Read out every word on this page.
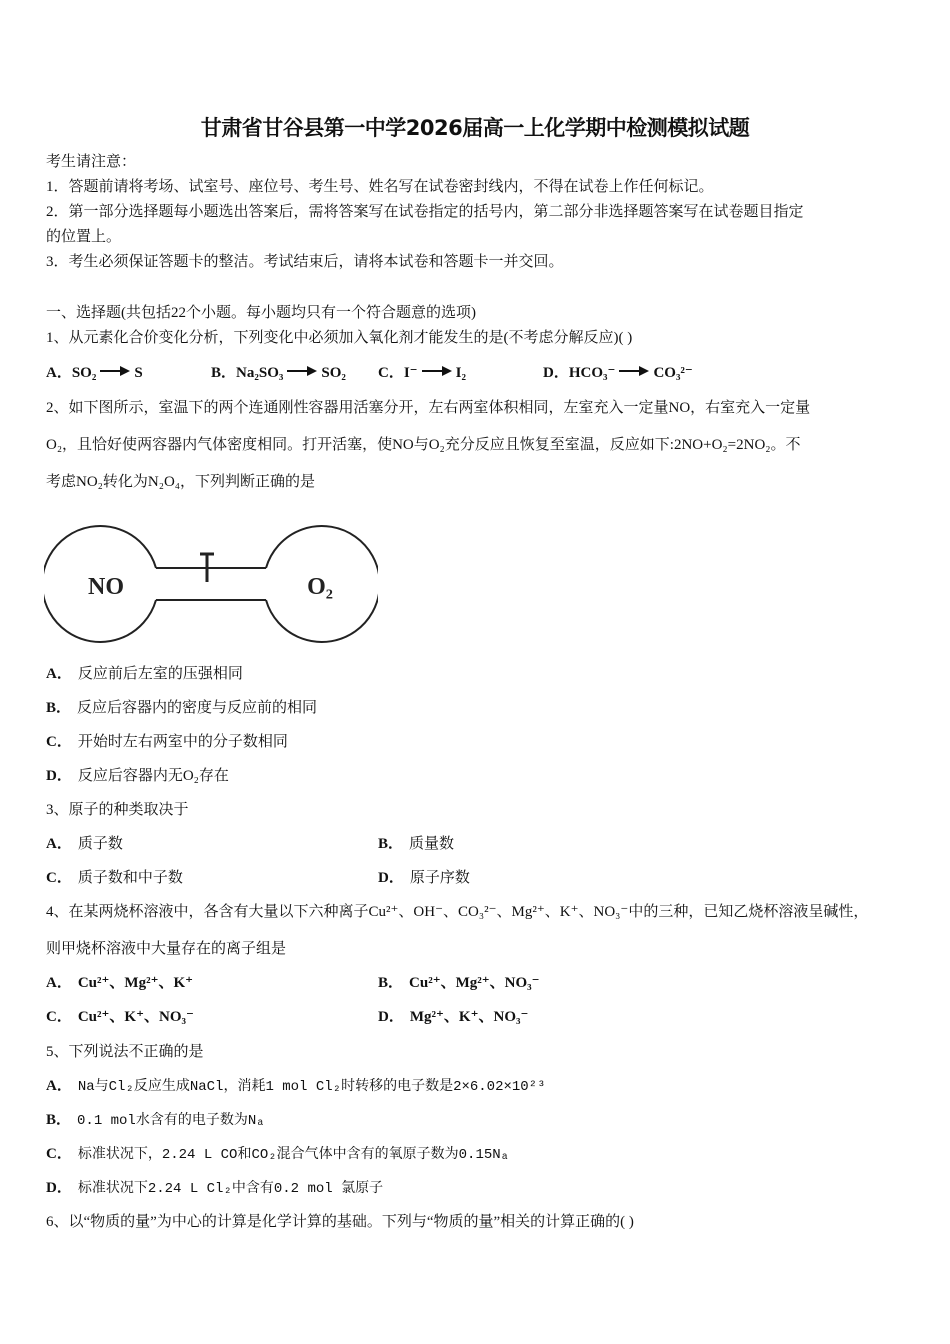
甘肃省甘谷县第一中学2026届高一上化学期中检测模拟试题
考生请注意：
1．答题前请将考场、试室号、座位号、考生号、姓名写在试卷密封线内，不得在试卷上作任何标记。
2．第一部分选择题每小题选出答案后，需将答案写在试卷指定的括号内，第二部分非选择题答案写在试卷题目指定
的位置上。
3．考生必须保证答题卡的整洁。考试结束后，请将本试卷和答题卡一并交回。
一、选择题(共包括22个小题。每小题均只有一个符合题意的选项)
1、从元素化合价变化分析，下列变化中必须加入氧化剂才能发生的是(不考虑分解反应)( )
A．SO₂ → S	B．Na₂SO₃ → SO₂ C．I⁻ → I₂	D．HCO₃⁻ → CO₃²⁻
2、如下图所示，室温下的两个连通刚性容器用活塞分开，左右两室体积相同，左室充入一定量NO，右室充入一定量
O₂，且恰好使两容器内气体密度相同。打开活塞，使NO与O₂充分反应且恢复至室温，反应如下:2NO+O₂=2NO₂。不
考虑NO₂转化为N₂O₄，下列判断正确的是
NO	O₂
A． 反应前后左室的压强相同
B． 反应后容器内的密度与反应前的相同
C． 开始时左右两室中的分子数相同
D． 反应后容器内无O₂存在
3、原子的种类取决于
A． 质子数	B． 质量数
C． 质子数和中子数	D． 原子序数
4、在某两烧杯溶液中，各含有大量以下六种离子Cu²⁺、OH⁻、CO₃²⁻、Mg²⁺、K⁺、NO₃⁻中的三种，已知乙烧杯溶液呈碱性，
则甲烧杯溶液中大量存在的离子组是
A． Cu²⁺、Mg²⁺、K⁺	B． Cu²⁺、Mg²⁺、NO₃⁻
C． Cu²⁺、K⁺、NO₃⁻	D． Mg²⁺、K⁺、NO₃⁻
5、下列说法不正确的是
A． Na与Cl₂反应生成NaCl，消耗1 mol Cl₂时转移的电子数是2×6.02×10²³
B． 0.1 mol水含有的电子数为Nₐ
C． 标准状况下，2.24 L CO和CO₂混合气体中含有的氧原子数为0.15Nₐ
D． 标准状况下2.24 L Cl₂中含有0.2 mol 氯原子
6、以“物质的量”为中心的计算是化学计算的基础。下列与“物质的量”相关的计算正确的( )
